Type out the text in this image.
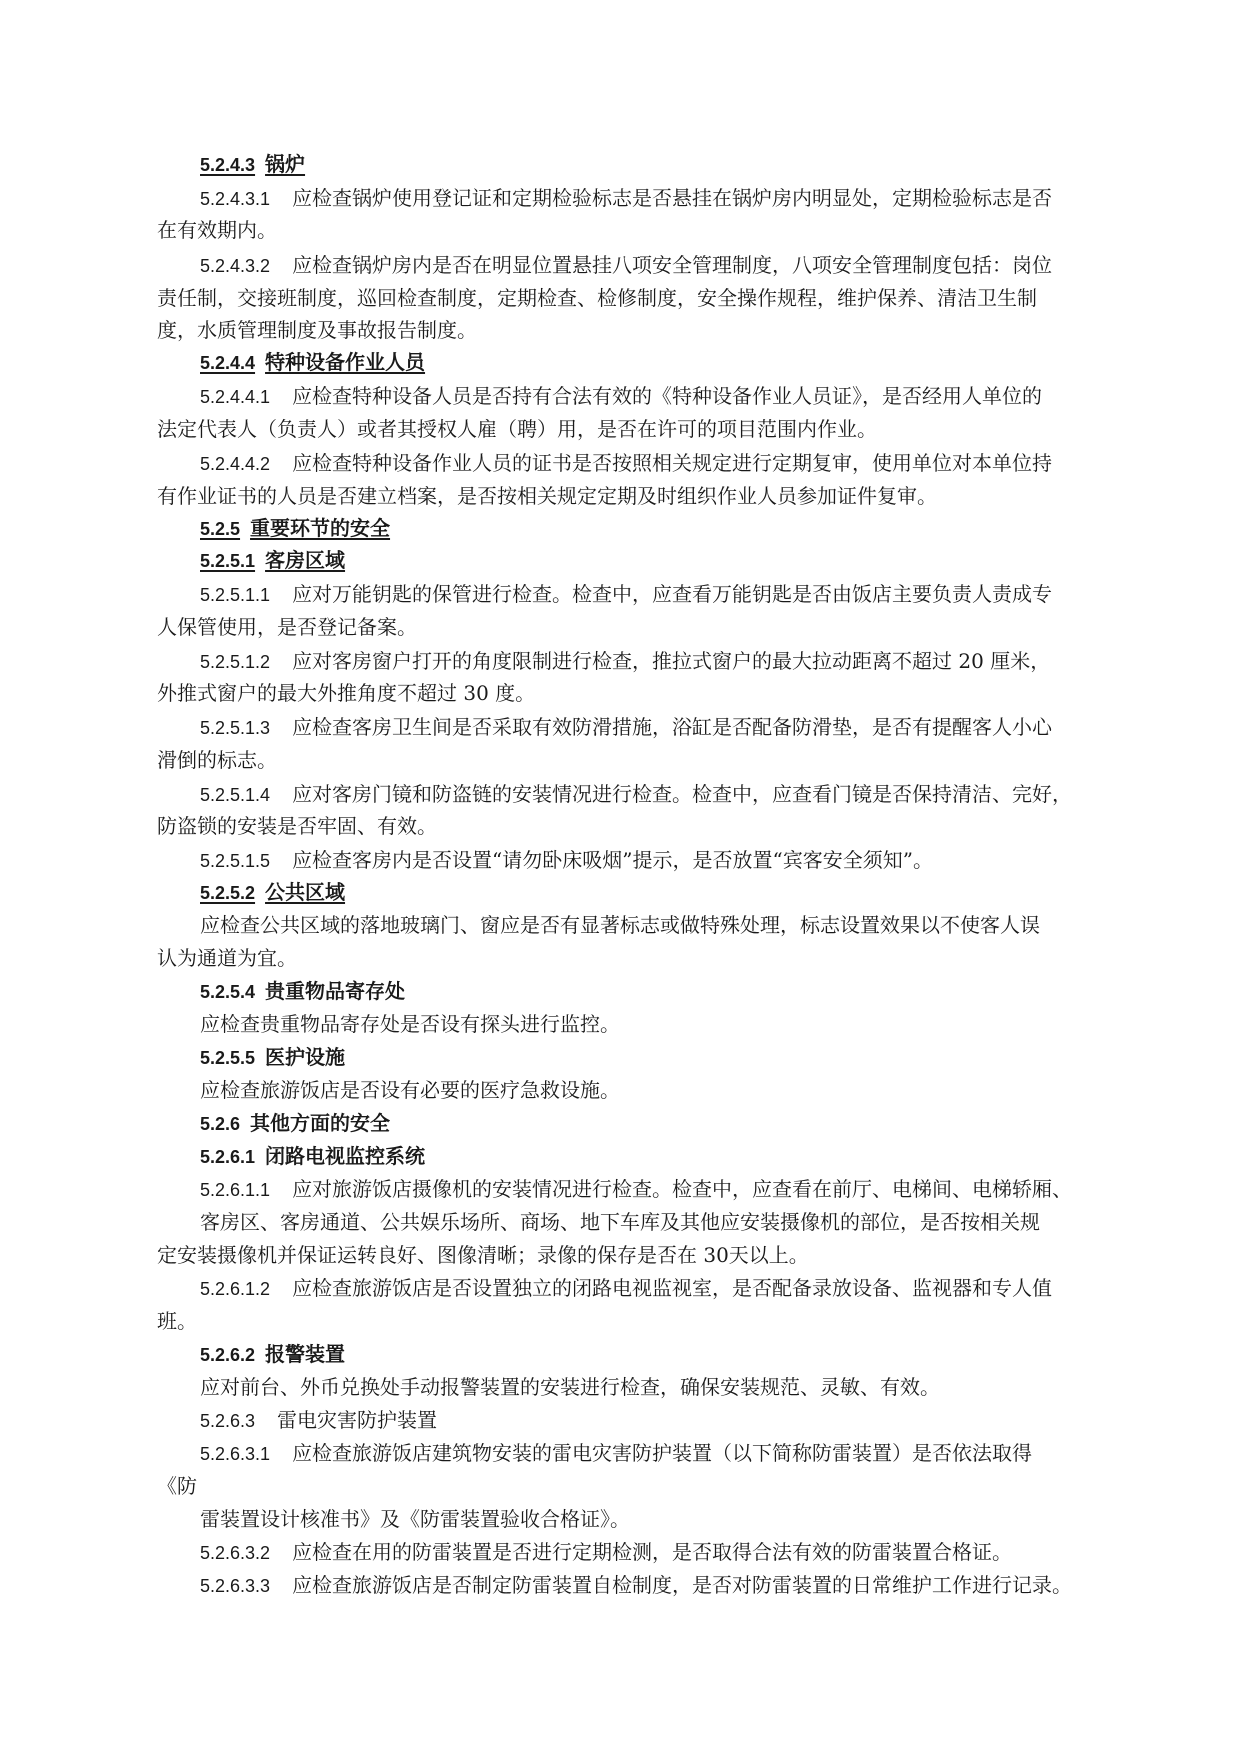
5.2.4.3 锅炉
5.2.4.3.1 应检查锅炉使用登记证和定期检验标志是否悬挂在锅炉房内明显处，定期检验标志是否
在有效期内。
5.2.4.3.2 应检查锅炉房内是否在明显位置悬挂八项安全管理制度，八项安全管理制度包括：岗位
责任制，交接班制度，巡回检查制度，定期检查、检修制度，安全操作规程，维护保养、清洁卫生制
度，水质管理制度及事故报告制度。
5.2.4.4 特种设备作业人员
5.2.4.4.1 应检查特种设备人员是否持有合法有效的《特种设备作业人员证》，是否经用人单位的
法定代表人（负责人）或者其授权人雇（聘）用，是否在许可的项目范围内作业。
5.2.4.4.2 应检查特种设备作业人员的证书是否按照相关规定进行定期复审，使用单位对本单位持
有作业证书的人员是否建立档案，是否按相关规定定期及时组织作业人员参加证件复审。
5.2.5 重要环节的安全
5.2.5.1 客房区域
5.2.5.1.1 应对万能钥匙的保管进行检查。检查中，应查看万能钥匙是否由饭店主要负责人责成专
人保管使用，是否登记备案。
5.2.5.1.2 应对客房窗户打开的角度限制进行检查，推拉式窗户的最大拉动距离不超过 20 厘米，
外推式窗户的最大外推角度不超过 30 度。
5.2.5.1.3 应检查客房卫生间是否采取有效防滑措施，浴缸是否配备防滑垫，是否有提醒客人小心
滑倒的标志。
5.2.5.1.4 应对客房门镜和防盗链的安装情况进行检查。检查中，应查看门镜是否保持清洁、完好，
防盗锁的安装是否牢固、有效。
5.2.5.1.5 应检查客房内是否设置“请勿卧床吸烟”提示，是否放置“宾客安全须知”。
5.2.5.2 公共区域
应检查公共区域的落地玻璃门、窗应是否有显著标志或做特殊处理，标志设置效果以不使客人误
认为通道为宜。
5.2.5.4 贵重物品寄存处
应检查贵重物品寄存处是否设有探头进行监控。
5.2.5.5 医护设施
应检查旅游饭店是否设有必要的医疗急救设施。
5.2.6 其他方面的安全
5.2.6.1 闭路电视监控系统
5.2.6.1.1 应对旅游饭店摄像机的安装情况进行检查。检查中，应查看在前厅、电梯间、电梯轿厢、
客房区、客房通道、公共娱乐场所、商场、地下车库及其他应安装摄像机的部位，是否按相关规
定安装摄像机并保证运转良好、图像清晰；录像的保存是否在 30天以上。
5.2.6.1.2 应检查旅游饭店是否设置独立的闭路电视监视室，是否配备录放设备、监视器和专人值
班。
5.2.6.2 报警装置
应对前台、外币兑换处手动报警装置的安装进行检查，确保安装规范、灵敏、有效。
5.2.6.3 雷电灾害防护装置
5.2.6.3.1 应检查旅游饭店建筑物安装的雷电灾害防护装置（以下简称防雷装置）是否依法取得
《防
雷装置设计核准书》及《防雷装置验收合格证》。
5.2.6.3.2 应检查在用的防雷装置是否进行定期检测，是否取得合法有效的防雷装置合格证。
5.2.6.3.3 应检查旅游饭店是否制定防雷装置自检制度，是否对防雷装置的日常维护工作进行记录。
